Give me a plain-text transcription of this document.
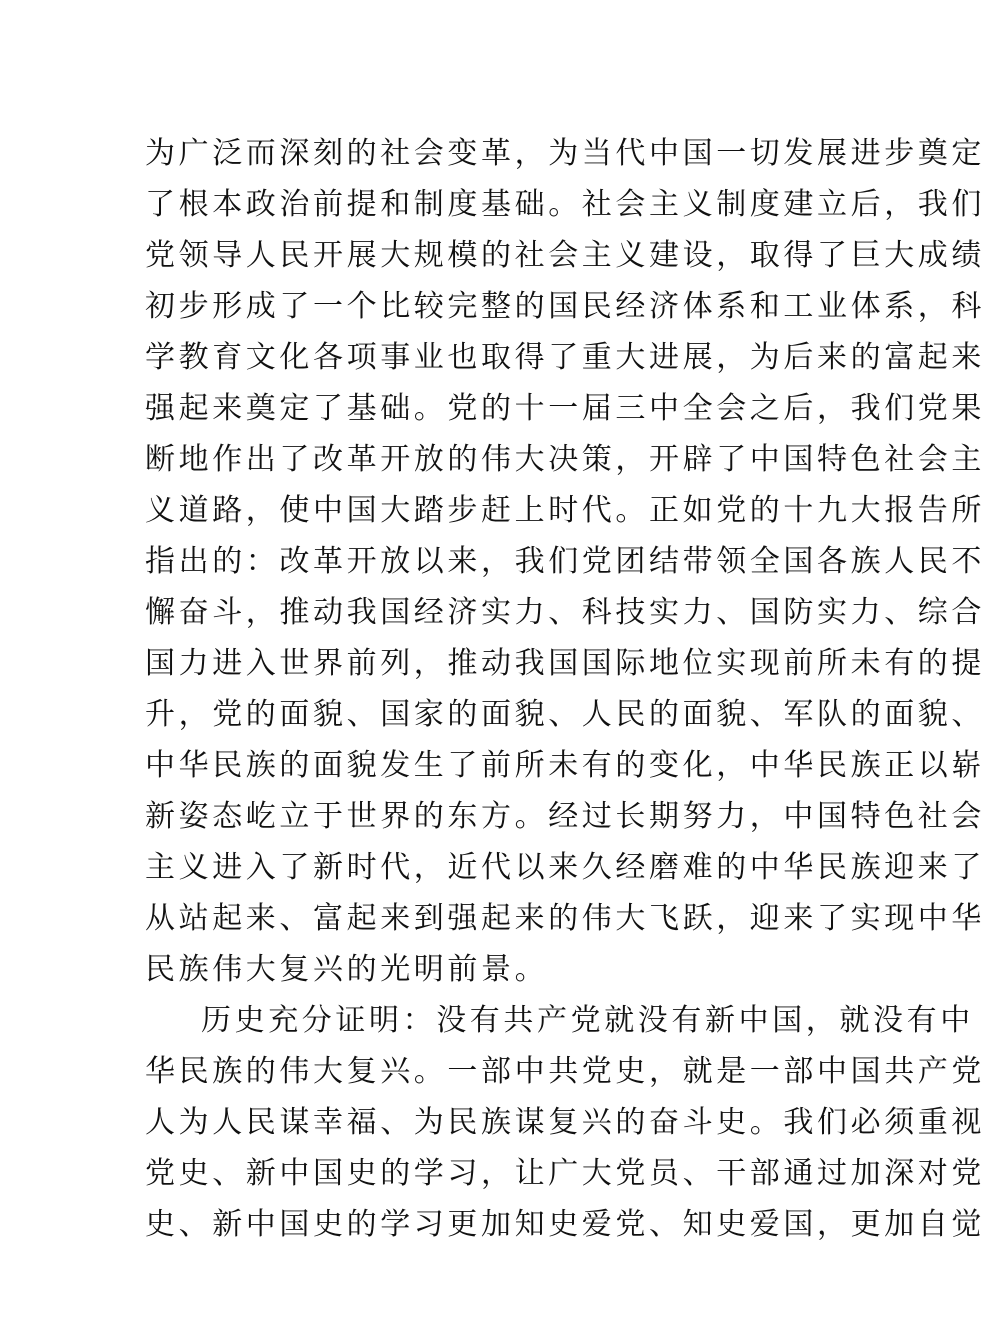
为广泛而深刻的社会变革，为当代中国一切发展进步奠定
了根本政治前提和制度基础。社会主义制度建立后，我们
党领导人民开展大规模的社会主义建设，取得了巨大成绩
初步形成了一个比较完整的国民经济体系和工业体系，科
学教育文化各项事业也取得了重大进展，为后来的富起来
强起来奠定了基础。党的十一届三中全会之后，我们党果
断地作出了改革开放的伟大决策，开辟了中国特色社会主
义道路，使中国大踏步赶上时代。正如党的十九大报告所
指出的：改革开放以来，我们党团结带领全国各族人民不
懈奋斗，推动我国经济实力、科技实力、国防实力、综合
国力进入世界前列，推动我国国际地位实现前所未有的提
升，党的面貌、国家的面貌、人民的面貌、军队的面貌、
中华民族的面貌发生了前所未有的变化，中华民族正以崭
新姿态屹立于世界的东方。经过长期努力，中国特色社会
主义进入了新时代，近代以来久经磨难的中华民族迎来了
从站起来、富起来到强起来的伟大飞跃，迎来了实现中华
民族伟大复兴的光明前景。
历史充分证明：没有共产党就没有新中国，就没有中
华民族的伟大复兴。一部中共党史，就是一部中国共产党
人为人民谋幸福、为民族谋复兴的奋斗史。我们必须重视
党史、新中国史的学习，让广大党员、干部通过加深对党
史、新中国史的学习更加知史爱党、知史爱国，更加自觉
